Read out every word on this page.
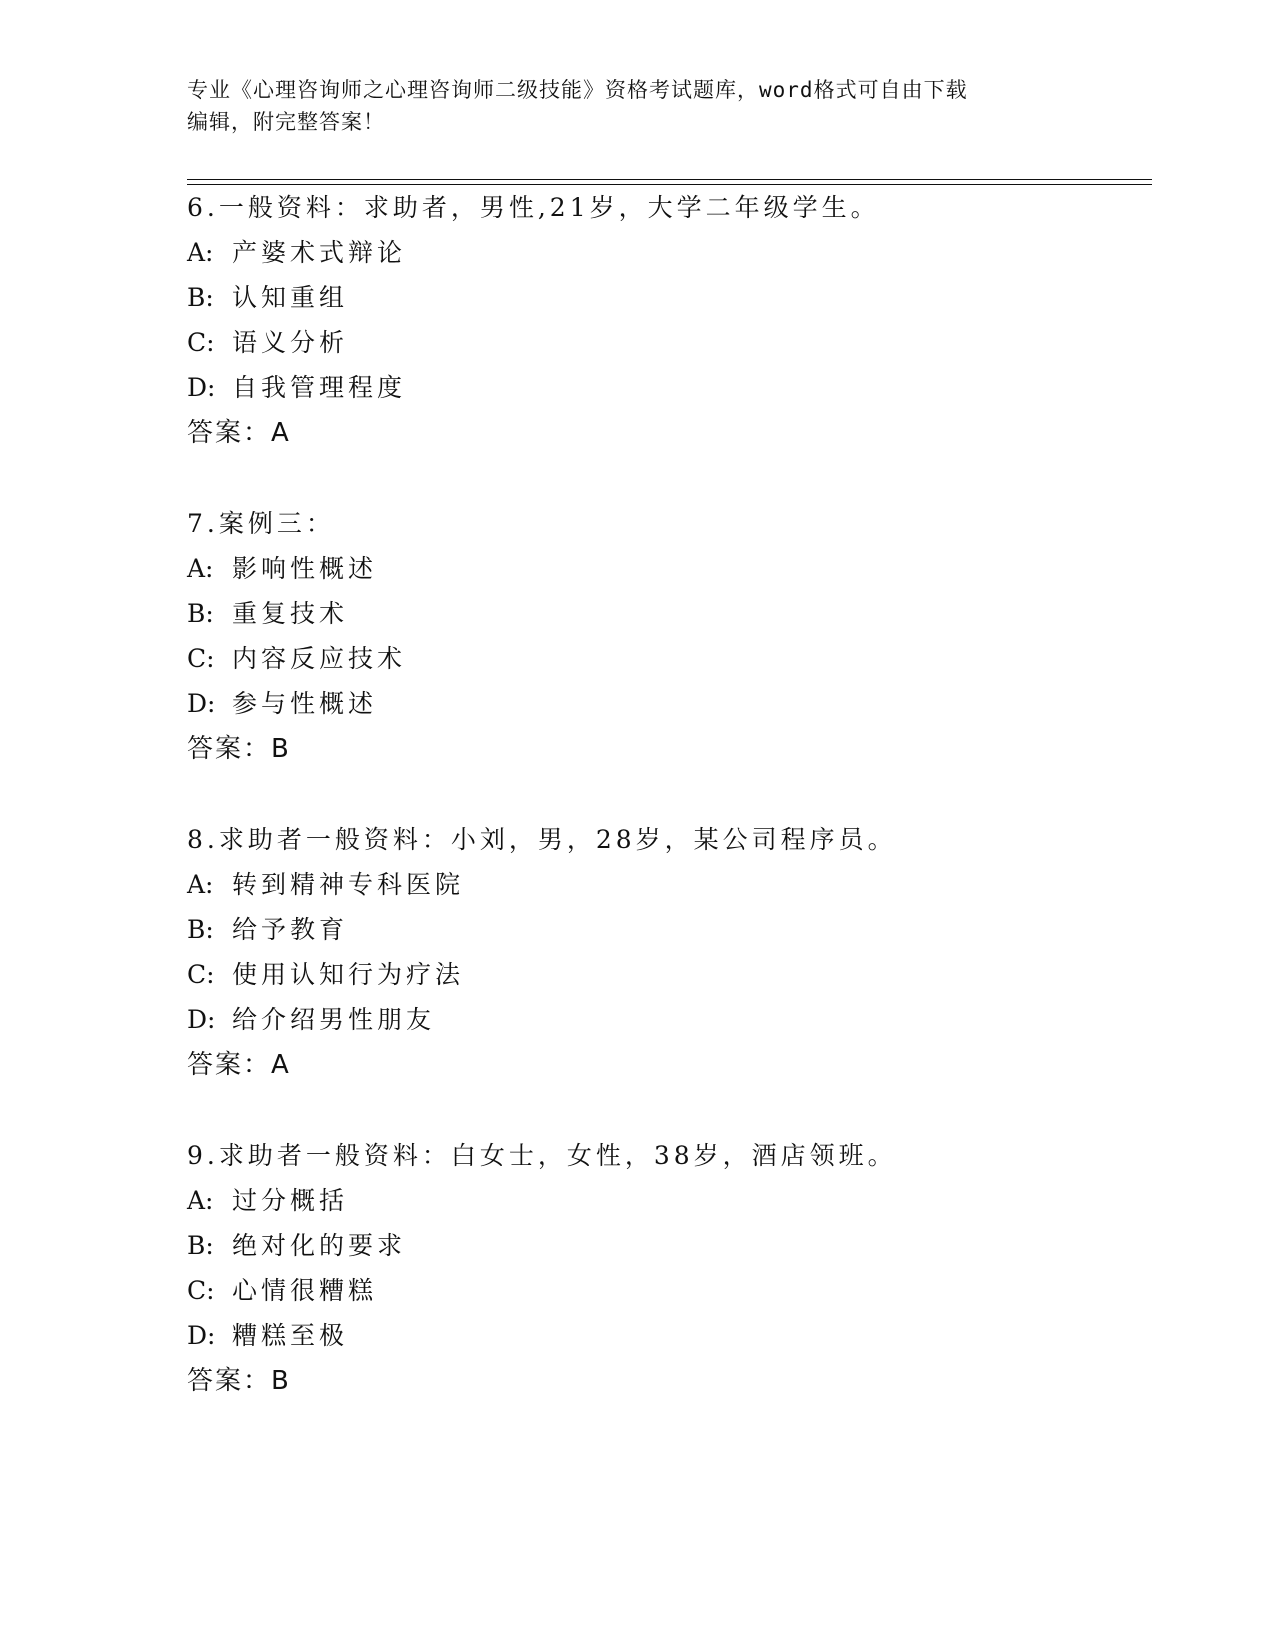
专业《心理咨询师之心理咨询师二级技能》资格考试题库，word格式可自由下载
编辑，附完整答案！
6.一般资料：求助者，男性,21岁，大学二年级学生。
A: 产婆术式辩论
B: 认知重组
C: 语义分析
D: 自我管理程度
答案：A
7.案例三：
A: 影响性概述
B: 重复技术
C: 内容反应技术
D: 参与性概述
答案：B
8.求助者一般资料：小刘，男，28岁，某公司程序员。
A: 转到精神专科医院
B: 给予教育
C: 使用认知行为疗法
D: 给介绍男性朋友
答案：A
9.求助者一般资料：白女士，女性，38岁，酒店领班。
A: 过分概括
B: 绝对化的要求
C: 心情很糟糕
D: 糟糕至极
答案：B
